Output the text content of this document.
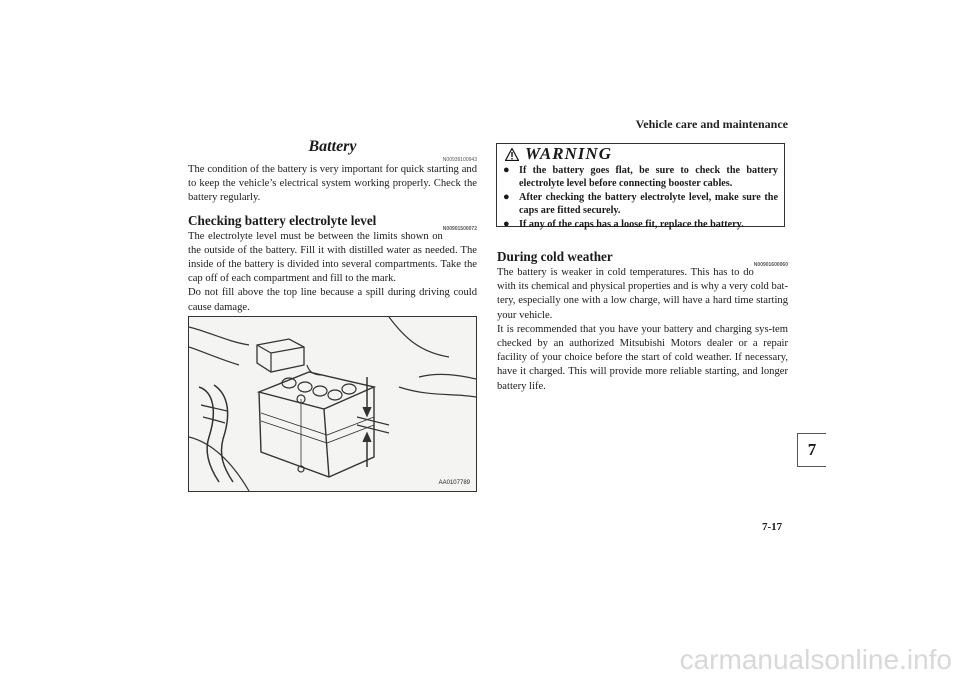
Vehicle care and maintenance
Battery
N00939100943

The condition of the battery is very important for quick starting and to keep the vehicle’s electrical system working properly. Check the battery regularly.

Checking battery electrolyte level
N00901500072

The electrolyte level must be between the limits shown on the outside of the battery. Fill it with distilled water as needed. The inside of the battery is divided into several compartments. Take the cap off of each compartment and fill to the mark.

Do not fill above the top line because a spill during driving could cause damage.

AA0107789
WARNING
● If the battery goes flat, be sure to check the battery electrolyte level before connecting booster cables.
● After checking the battery electrolyte level, make sure the caps are fitted securely.
● If any of the caps has a loose fit, replace the battery.
During cold weather
N00901600060

The battery is weaker in cold temperatures. This has to do with its chemical and physical properties and is why a very cold bat-tery, especially one with a low charge, will have a hard time starting your vehicle.

It is recommended that you have your battery and charging sys-tem checked by an authorized Mitsubishi Motors dealer or a repair facility of your choice before the start of cold weather. If necessary, have it charged. This will provide more reliable starting, and longer battery life.

7
7-17
carmanualsonline.info
